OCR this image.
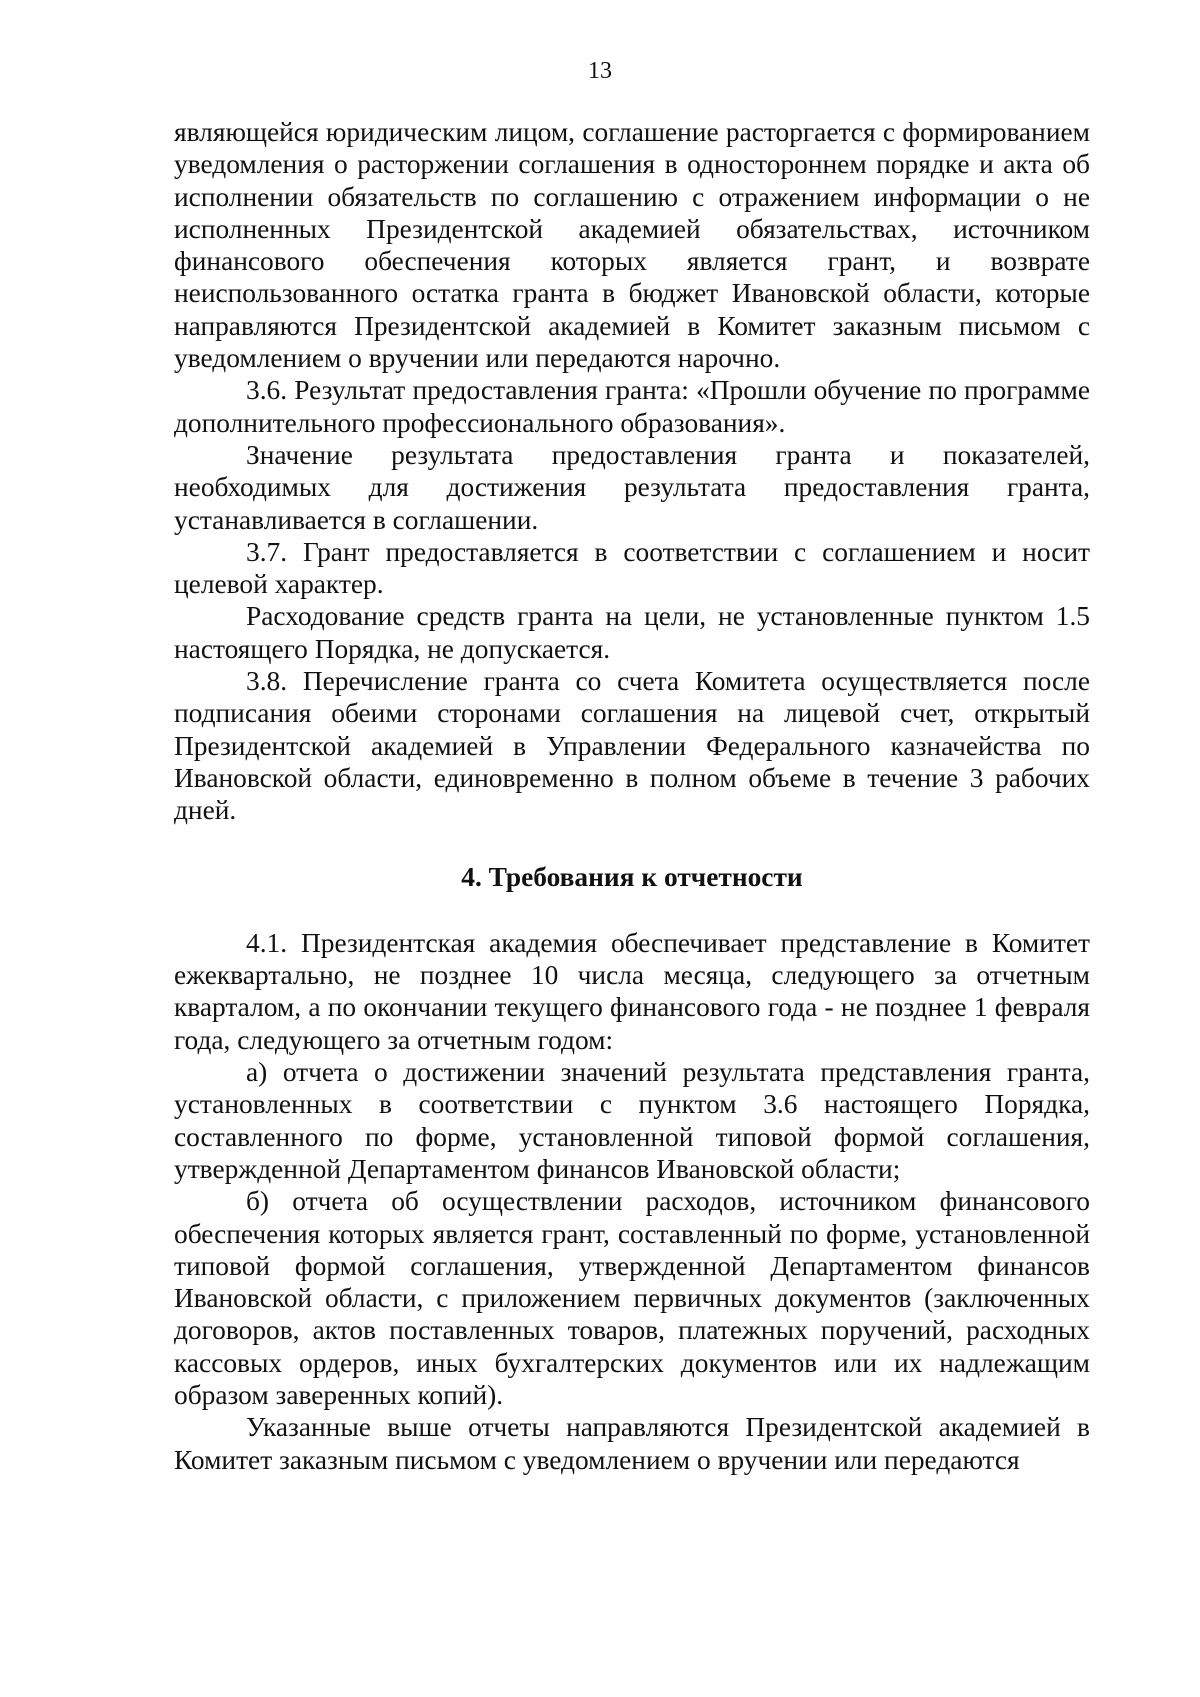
13

являющейся юридическим лицом, соглашение расторгается с формированием уведомления о расторжении соглашения в одностороннем порядке и акта об исполнении обязательств по соглашению с отражением информации о не исполненных Президентской академией обязательствах, источником финансового обеспечения которых является грант, и возврате неиспользованного остатка гранта в бюджет Ивановской области, которые направляются Президентской академией в Комитет заказным письмом с уведомлением о вручении или передаются нарочно.

3.6. Результат предоставления гранта: «Прошли обучение по программе дополнительного профессионального образования».

Значение результата предоставления гранта и показателей, необходимых для достижения результата предоставления гранта, устанавливается в соглашении.

3.7. Грант предоставляется в соответствии с соглашением и носит целевой характер.

Расходование средств гранта на цели, не установленные пунктом 1.5 настоящего Порядка, не допускается.

3.8. Перечисление гранта со счета Комитета осуществляется после подписания обеими сторонами соглашения на лицевой счет, открытый Президентской академией в Управлении Федерального казначейства по Ивановской области, единовременно в полном объеме в течение 3 рабочих дней.

4. Требования к отчетности

4.1. Президентская академия обеспечивает представление в Комитет ежеквартально, не позднее 10 числа месяца, следующего за отчетным кварталом, а по окончании текущего финансового года - не позднее 1 февраля года, следующего за отчетным годом:

а) отчета о достижении значений результата представления гранта, установленных в соответствии с пунктом 3.6 настоящего Порядка, составленного по форме, установленной типовой формой соглашения, утвержденной Департаментом финансов Ивановской области;

б) отчета об осуществлении расходов, источником финансового обеспечения которых является грант, составленный по форме, установленной типовой формой соглашения, утвержденной Департаментом финансов Ивановской области, с приложением первичных документов (заключенных договоров, актов поставленных товаров, платежных поручений, расходных кассовых ордеров, иных бухгалтерских документов или их надлежащим образом заверенных копий).

Указанные выше отчеты направляются Президентской академией в Комитет заказным письмом с уведомлением о вручении или передаются
